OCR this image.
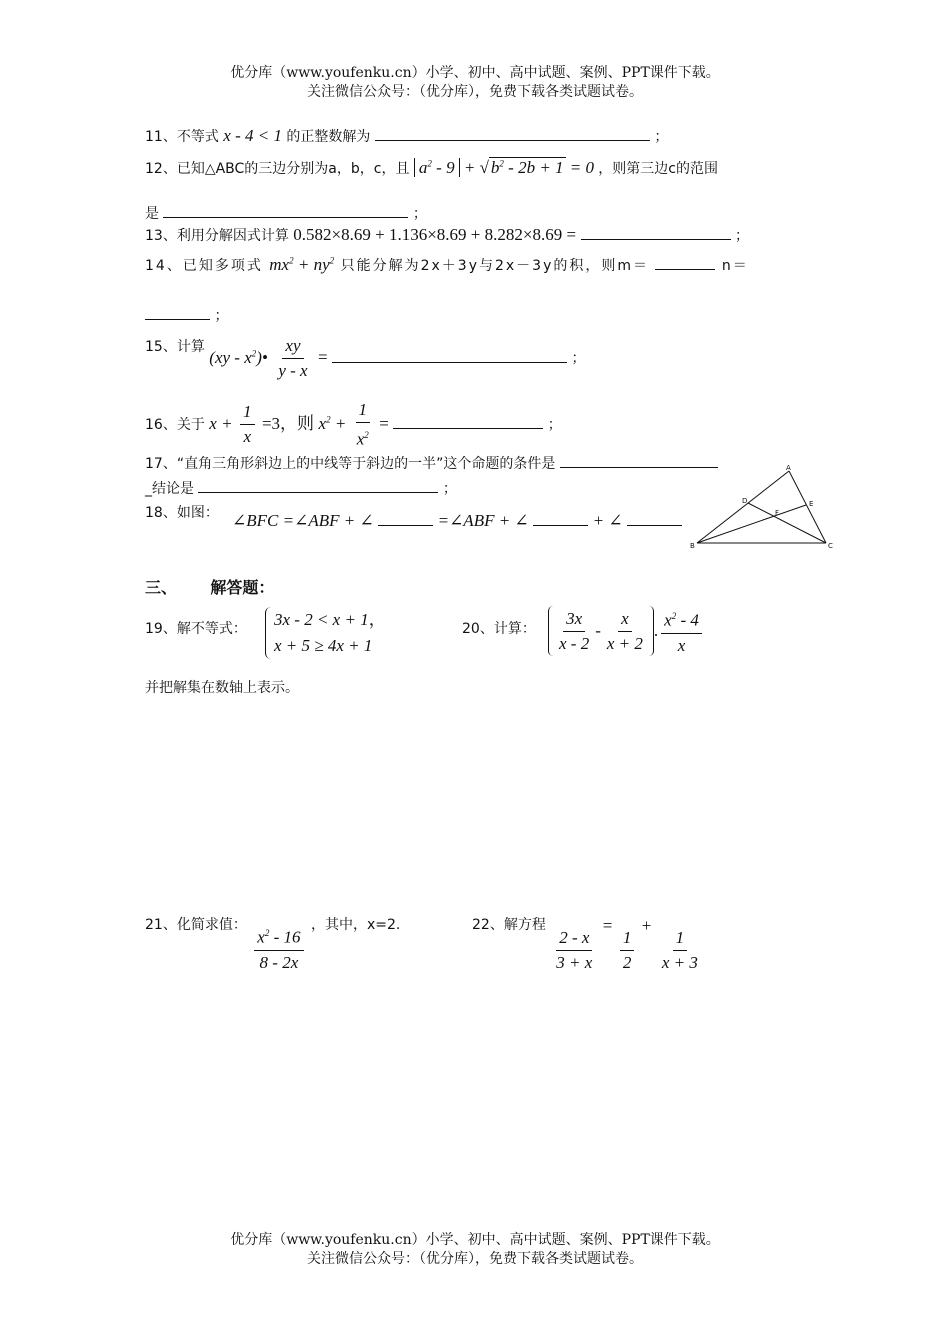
优分库（www.youfenku.cn）小学、初中、高中试题、案例、PPT课件下载。
关注微信公众号：（优分库），免费下载各类试题试卷。
11、不等式 x - 4 < 1 的正整数解为	；
12、已知△ABC的三边分别为a，b，c，且 $a^2 - 9$ + √ $b^2 - 2b + 1 = 0$ ，则第三边c的范围
是	；
13、利用分解因式计算 0.582×8.69 + 1.136×8.69 + 8.282×8.69 =	；
14、已知多项式 $mx^2 + ny^2$ 只能分解为2x＋3y与2x－3y的积，则m＝	n＝
；
15、计算 $(xy - x^2)• \frac{xy}{y - x}$ =	；
16、关于 $x + \frac{1}{x} =3$，则 $x^2 + \frac{1}{x^2}$ =	；
17、“直角三角形斜边上的中线等于斜边的一半”这个命题的条件是
_结论是	；
18、如图： ∠BFC =∠ABF + ∠	=∠ABF + ∠	+ ∠
A
D	E
F
B	C
三、      解答题：
19、解不等式： 3x - 2 < x + 1，
x + 5 ≥ 4x + 1
并把解集在数轴上表示。
20、计算： $\frac{3x}{x - 2} - \frac{x}{x + 2}$ . $\frac{x^2 - 4}{x}$
21、化简求值： $\frac{x^2 - 16}{8 - 2x}$ ，其中，x=2.	22、解方程
$\frac{2 - x}{3 + x}$
=
$\frac{1}{2}$
+
$\frac{1}{x + 3}$
优分库（www.youfenku.cn）小学、初中、高中试题、案例、PPT课件下载。
关注微信公众号：（优分库），免费下载各类试题试卷。
